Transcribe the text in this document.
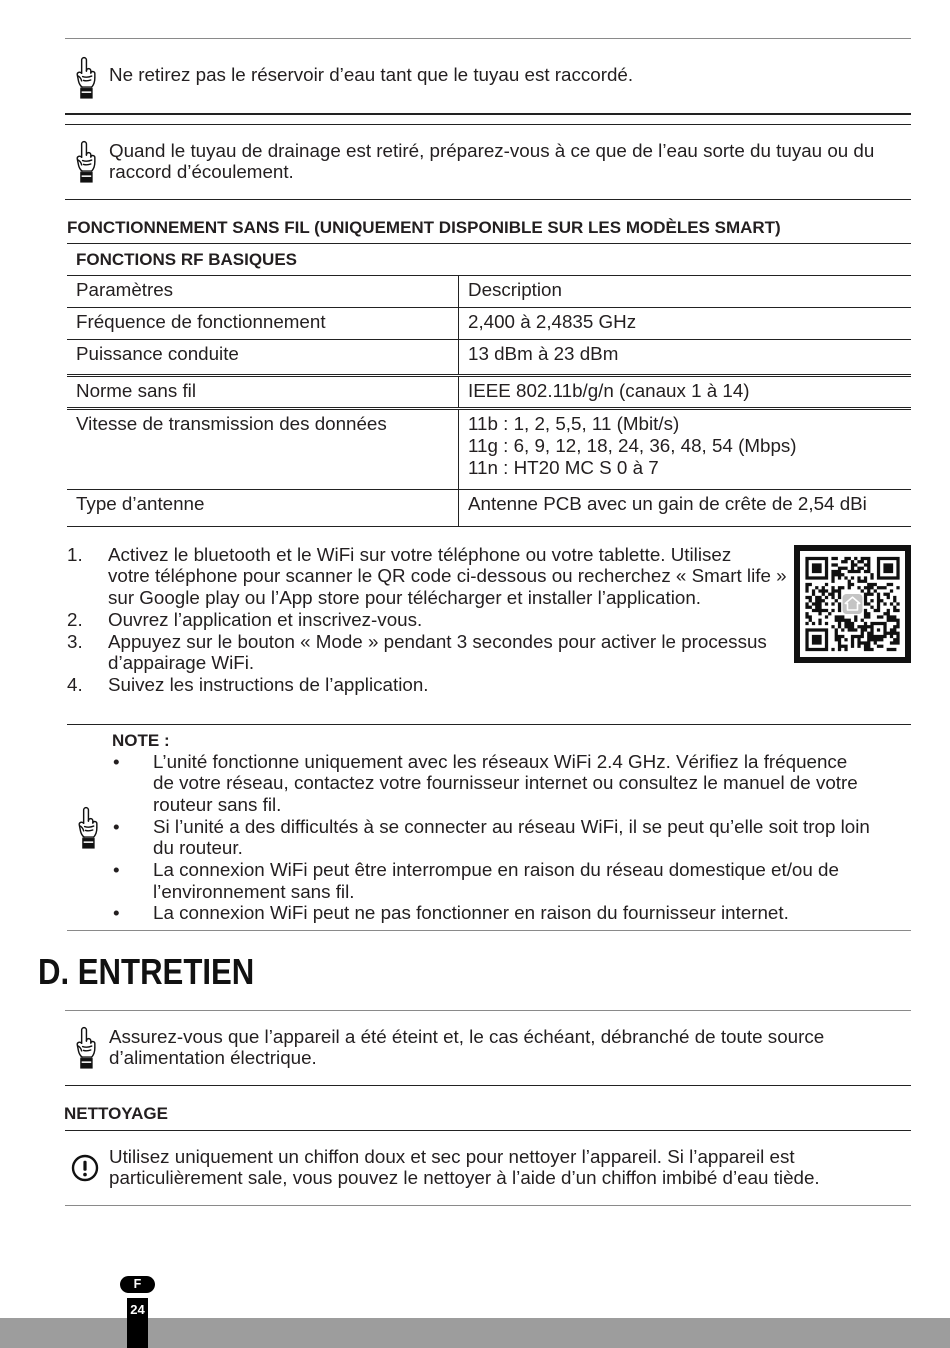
Ne retirez pas le réservoir d’eau tant que le tuyau est raccordé.
Quand le tuyau de drainage est retiré, préparez-vous à ce que de l’eau sorte du tuyau ou du
raccord d’écoulement.
FONCTIONNEMENT SANS FIL (UNIQUEMENT DISPONIBLE SUR LES MODÈLES SMART)
FONCTIONS RF BASIQUES
Paramètres	Description
Fréquence de fonctionnement	2,400 à 2,4835 GHz
Puissance conduite	13 dBm à 23 dBm
Norme sans fil	IEEE 802.11b/g/n (canaux 1 à 14)
Vitesse de transmission des données	11b : 1, 2, 5,5, 11 (Mbit/s)
11g : 6, 9, 12, 18, 24, 36, 48, 54 (Mbps)
11n : HT20 MC S 0 à 7
Type d’antenne	Antenne PCB avec un gain de crête de 2,54 dBi
1.	Activez le bluetooth et le WiFi sur votre téléphone ou votre tablette. Utilisez
votre téléphone pour scanner le QR code ci-dessous ou recherchez « Smart life »
sur Google play ou l’App store pour télécharger et installer l’application.
2.	Ouvrez l’application et inscrivez-vous.
3.	Appuyez sur le bouton « Mode » pendant 3 secondes pour activer le processus
d’appairage WiFi.
4.	Suivez les instructions de l’application.
NOTE :
•	L’unité fonctionne uniquement avec les réseaux WiFi 2.4 GHz. Vérifiez la fréquence
de votre réseau, contactez votre fournisseur internet ou consultez le manuel de votre
routeur sans fil.
•	Si l’unité a des difficultés à se connecter au réseau WiFi, il se peut qu’elle soit trop loin
du routeur.
•	La connexion WiFi peut être interrompue en raison du réseau domestique et/ou de
l’environnement sans fil.
•	La connexion WiFi peut ne pas fonctionner en raison du fournisseur internet.
D. ENTRETIEN
Assurez-vous que l’appareil a été éteint et, le cas échéant, débranché de toute source
d’alimentation électrique.
NETTOYAGE
Utilisez uniquement un chiffon doux et sec pour nettoyer l’appareil. Si l’appareil est
particulièrement sale, vous pouvez le nettoyer à l’aide d’un chiffon imbibé d’eau tiède.
F
24
